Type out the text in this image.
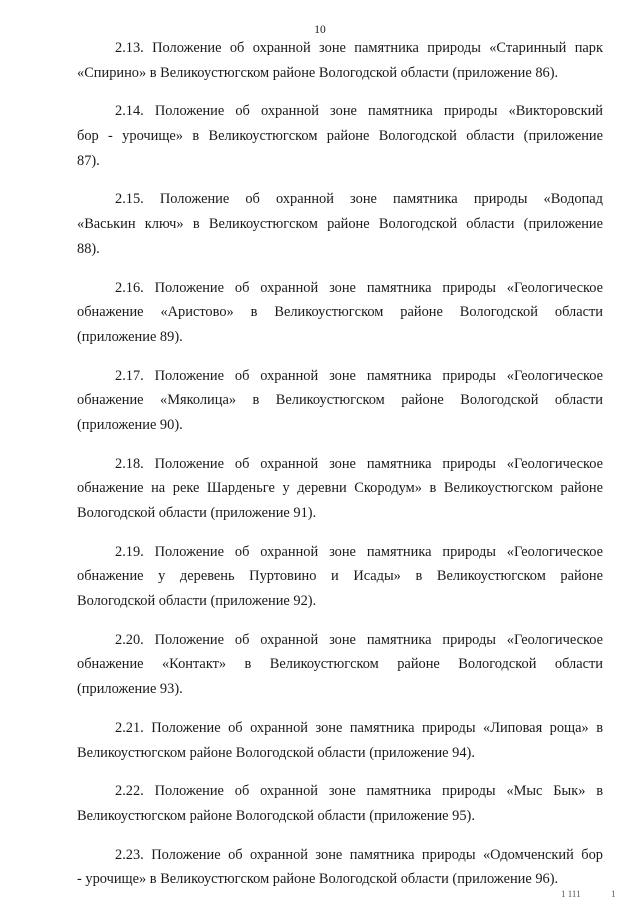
10
2.13. Положение об охранной зоне памятника природы «Старинный парк
«Спирино» в Великоустюгском районе Вологодской области (приложение 86).
2.14. Положение об охранной зоне памятника природы «Викторовский
бор - урочище» в Великоустюгском районе Вологодской области (приложение
87).
2.15. Положение об охранной зоне памятника природы «Водопад
«Васькин ключ» в Великоустюгском районе Вологодской области (приложение
88).
2.16. Положение об охранной зоне памятника природы «Геологическое
обнажение «Аристово» в Великоустюгском районе Вологодской области
(приложение 89).
2.17. Положение об охранной зоне памятника природы «Геологическое
обнажение «Мяколица» в Великоустюгском районе Вологодской области
(приложение 90).
2.18. Положение об охранной зоне памятника природы «Геологическое
обнажение на реке Шарденьге у деревни Скородум» в Великоустюгском районе
Вологодской области (приложение 91).
2.19. Положение об охранной зоне памятника природы «Геологическое
обнажение у деревень Пуртовино и Исады» в Великоустюгском районе
Вологодской области (приложение 92).
2.20. Положение об охранной зоне памятника природы «Геологическое
обнажение «Контакт» в Великоустюгском районе Вологодской области
(приложение 93).
2.21. Положение об охранной зоне памятника природы «Липовая роща» в
Великоустюгском районе Вологодской области (приложение 94).
2.22. Положение об охранной зоне памятника природы «Мыс Бык» в
Великоустюгском районе Вологодской области (приложение 95).
2.23. Положение об охранной зоне памятника природы «Одомченский бор
- урочище» в Великоустюгском районе Вологодской области (приложение 96).
1 111	1
